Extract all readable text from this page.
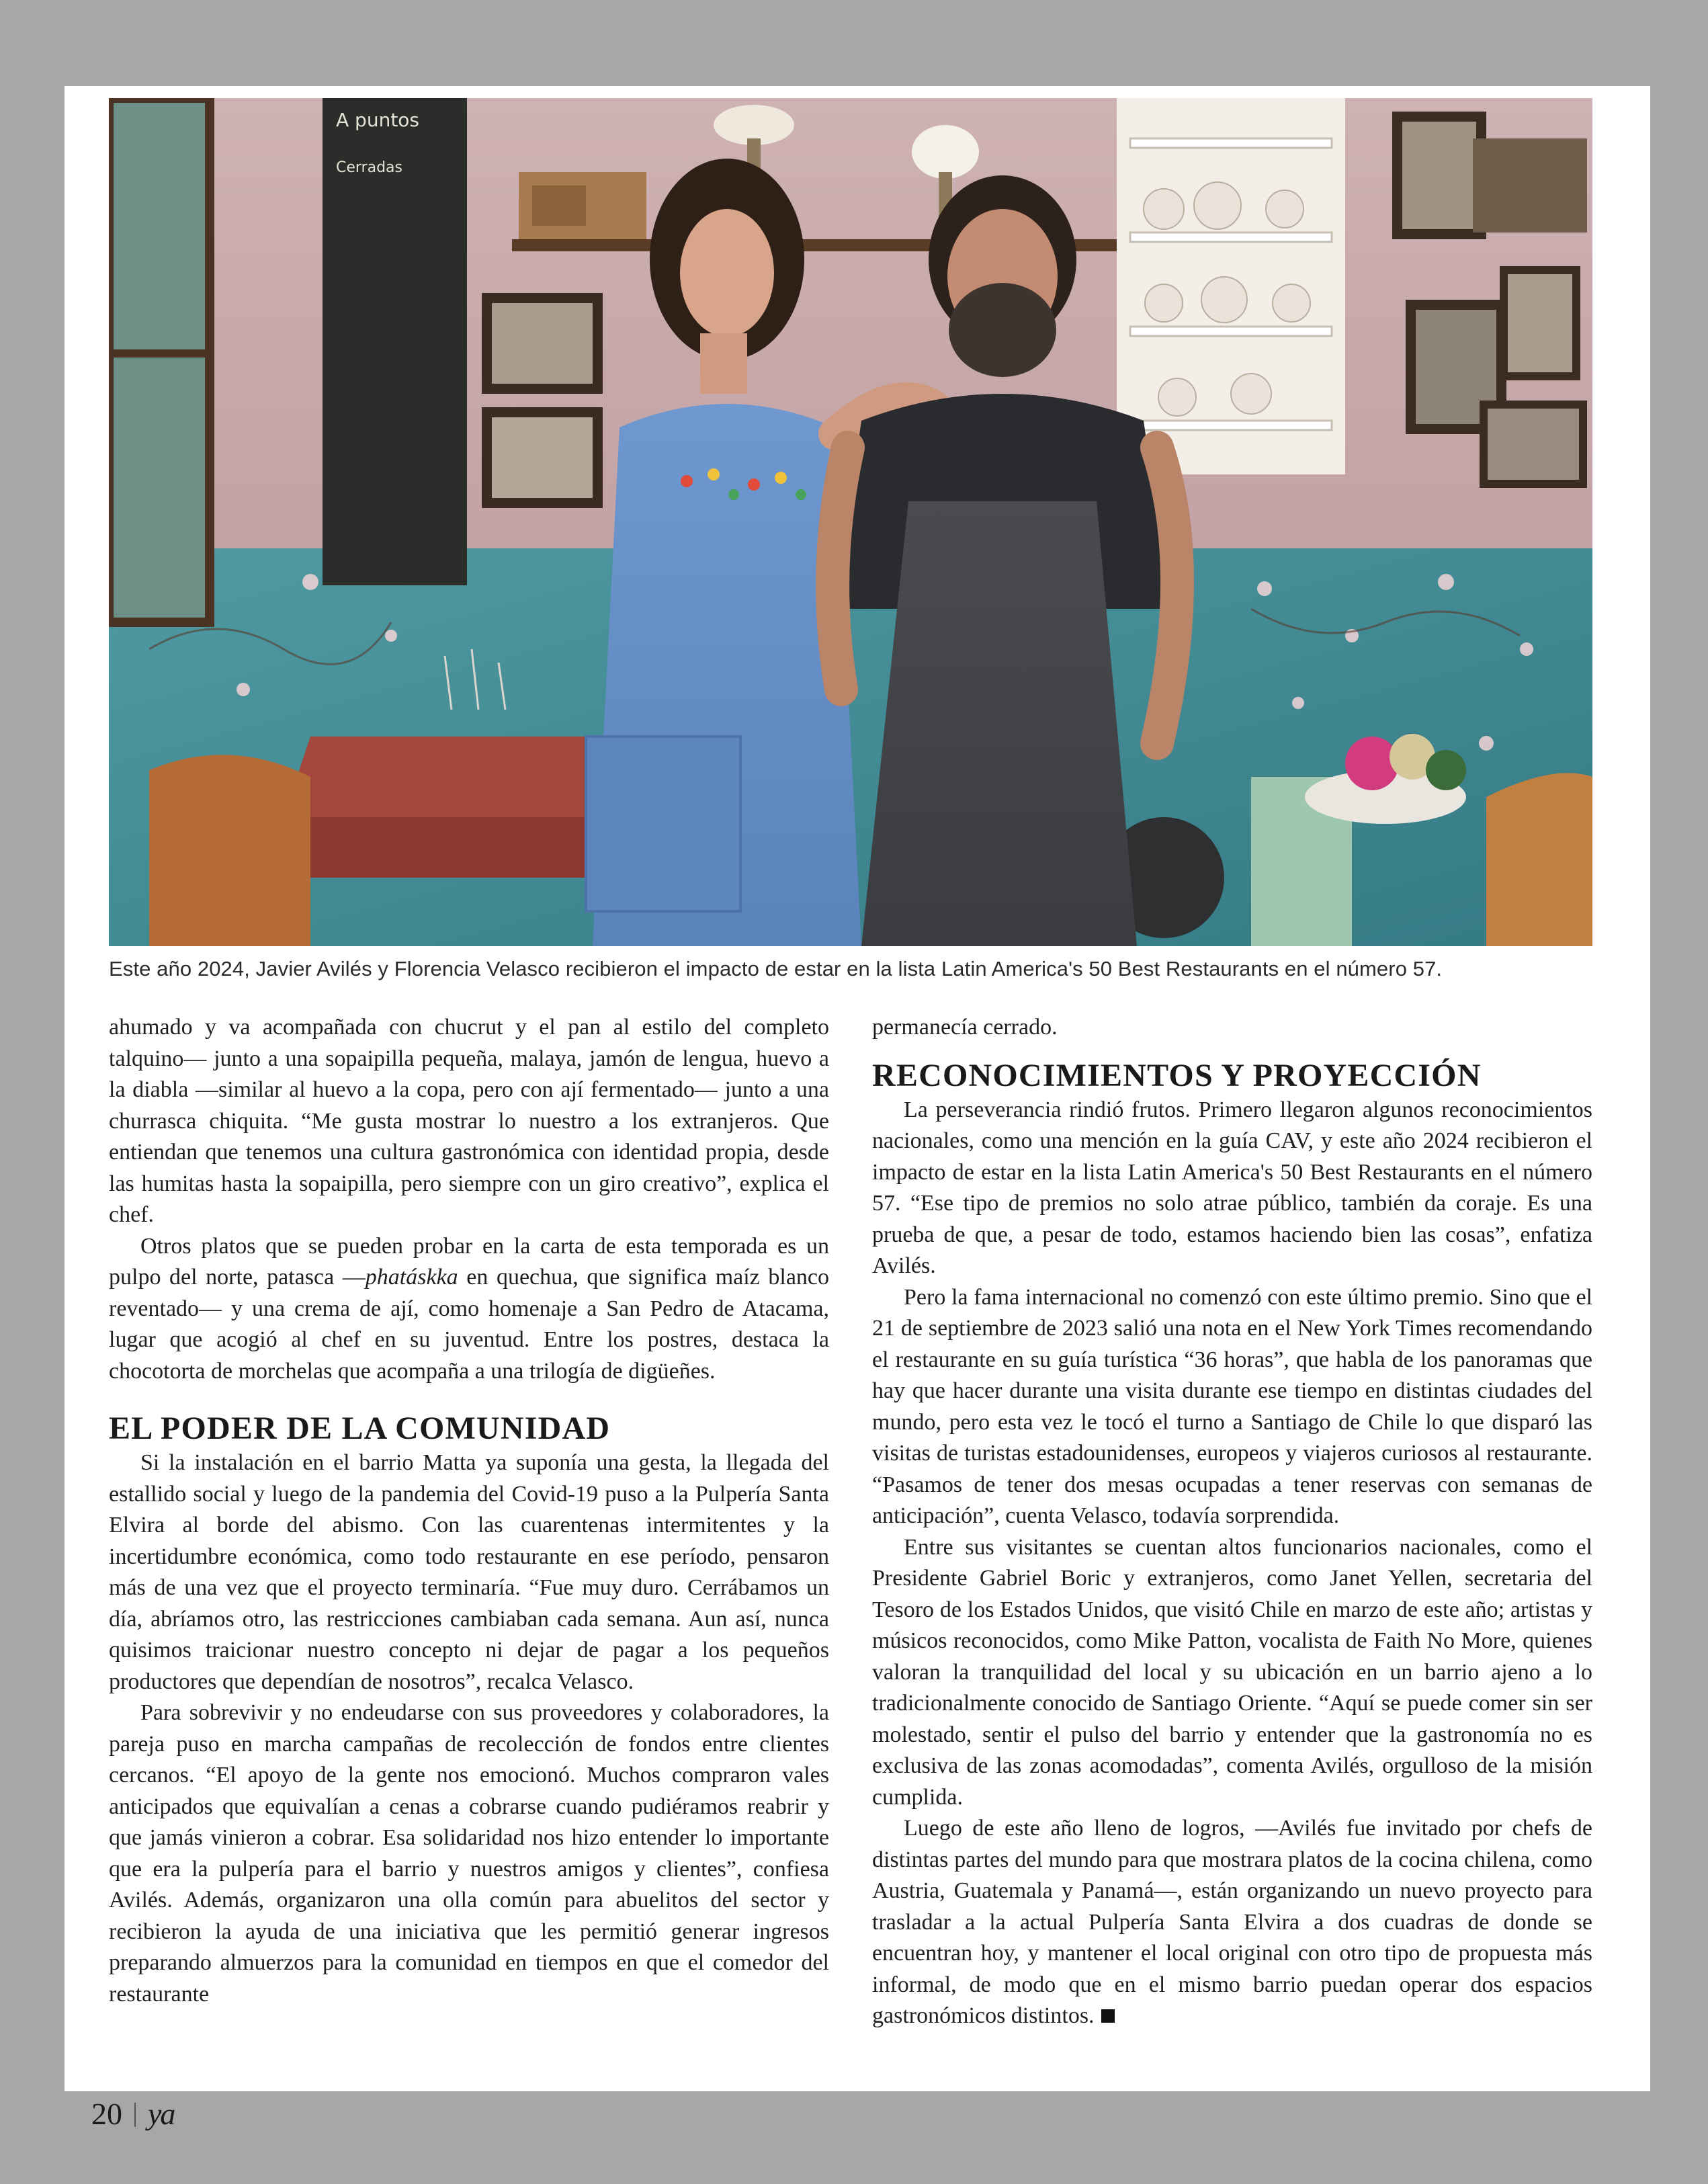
A puntos
Cerradas
Este año 2024, Javier Avilés y Florencia Velasco recibieron el impacto de estar en la lista Latin America's 50 Best Restaurants en el número 57.

ahumado y va acompañada con chucrut y el pan al estilo del completo talquino— junto a una sopaipilla pequeña, malaya, jamón de lengua, huevo a la diabla —similar al huevo a la copa, pero con ají fermentado— junto a una churrasca chiquita. “Me gusta mostrar lo nuestro a los extranjeros. Que entiendan que tenemos una cultura gastronómica con identidad propia, desde las humitas hasta la sopaipilla, pero siempre con un giro creativo”, explica el chef.

Otros platos que se pueden probar en la carta de esta temporada es un pulpo del norte, patasca —phatáskka en quechua, que significa maíz blanco reventado— y una crema de ají, como homenaje a San Pedro de Atacama, lugar que acogió al chef en su juventud. Entre los postres, destaca la chocotorta de morchelas que acompaña a una trilogía de digüeñes.

EL PODER DE LA COMUNIDAD

Si la instalación en el barrio Matta ya suponía una gesta, la llegada del estallido social y luego de la pandemia del Covid-19 puso a la Pulpería Santa Elvira al borde del abismo. Con las cuarentenas intermitentes y la incertidumbre económica, como todo restaurante en ese período, pensaron más de una vez que el proyecto terminaría. “Fue muy duro. Cerrábamos un día, abríamos otro, las restricciones cambiaban cada semana. Aun así, nunca quisimos traicionar nuestro concepto ni dejar de pagar a los pequeños productores que dependían de nosotros”, recalca Velasco.

Para sobrevivir y no endeudarse con sus proveedores y colaboradores, la pareja puso en marcha campañas de recolección de fondos entre clientes cercanos. “El apoyo de la gente nos emocionó. Muchos compraron vales anticipados que equivalían a cenas a cobrarse cuando pudiéramos reabrir y que jamás vinieron a cobrar. Esa solidaridad nos hizo entender lo importante que era la pulpería para el barrio y nuestros amigos y clientes”, confiesa Avilés. Además, organizaron una olla común para abuelitos del sector y recibieron la ayuda de una iniciativa que les permitió generar ingresos preparando almuerzos para la comunidad en tiempos en que el comedor del restaurante

permanecía cerrado.

RECONOCIMIENTOS Y PROYECCIÓN

La perseverancia rindió frutos. Primero llegaron algunos reconocimientos nacionales, como una mención en la guía CAV, y este año 2024 recibieron el impacto de estar en la lista Latin America's 50 Best Restaurants en el número 57. “Ese tipo de premios no solo atrae público, también da coraje. Es una prueba de que, a pesar de todo, estamos haciendo bien las cosas”, enfatiza Avilés.

Pero la fama internacional no comenzó con este último premio. Sino que el 21 de septiembre de 2023 salió una nota en el New York Times recomendando el restaurante en su guía turística “36 horas”, que habla de los panoramas que hay que hacer durante una visita durante ese tiempo en distintas ciudades del mundo, pero esta vez le tocó el turno a Santiago de Chile lo que disparó las visitas de turistas estadounidenses, europeos y viajeros curiosos al restaurante. “Pasamos de tener dos mesas ocupadas a tener reservas con semanas de anticipación”, cuenta Velasco, todavía sorprendida.

Entre sus visitantes se cuentan altos funcionarios nacionales, como el Presidente Gabriel Boric y extranjeros, como Janet Yellen, secretaria del Tesoro de los Estados Unidos, que visitó Chile en marzo de este año; artistas y músicos reconocidos, como Mike Patton, vocalista de Faith No More, quienes valoran la tranquilidad del local y su ubicación en un barrio ajeno a lo tradicionalmente conocido de Santiago Oriente. “Aquí se puede comer sin ser molestado, sentir el pulso del barrio y entender que la gastronomía no es exclusiva de las zonas acomodadas”, comenta Avilés, orgulloso de la misión cumplida.

Luego de este año lleno de logros, —Avilés fue invitado por chefs de distintas partes del mundo para que mostrara platos de la cocina chilena, como Austria, Guatemala y Panamá—, están organizando un nuevo proyecto para trasladar a la actual Pulpería Santa Elvira a dos cuadras de donde se encuentran hoy, y mantener el local original con otro tipo de propuesta más informal, de modo que en el mismo barrio puedan operar dos espacios gastronómicos distintos.

20 ya
